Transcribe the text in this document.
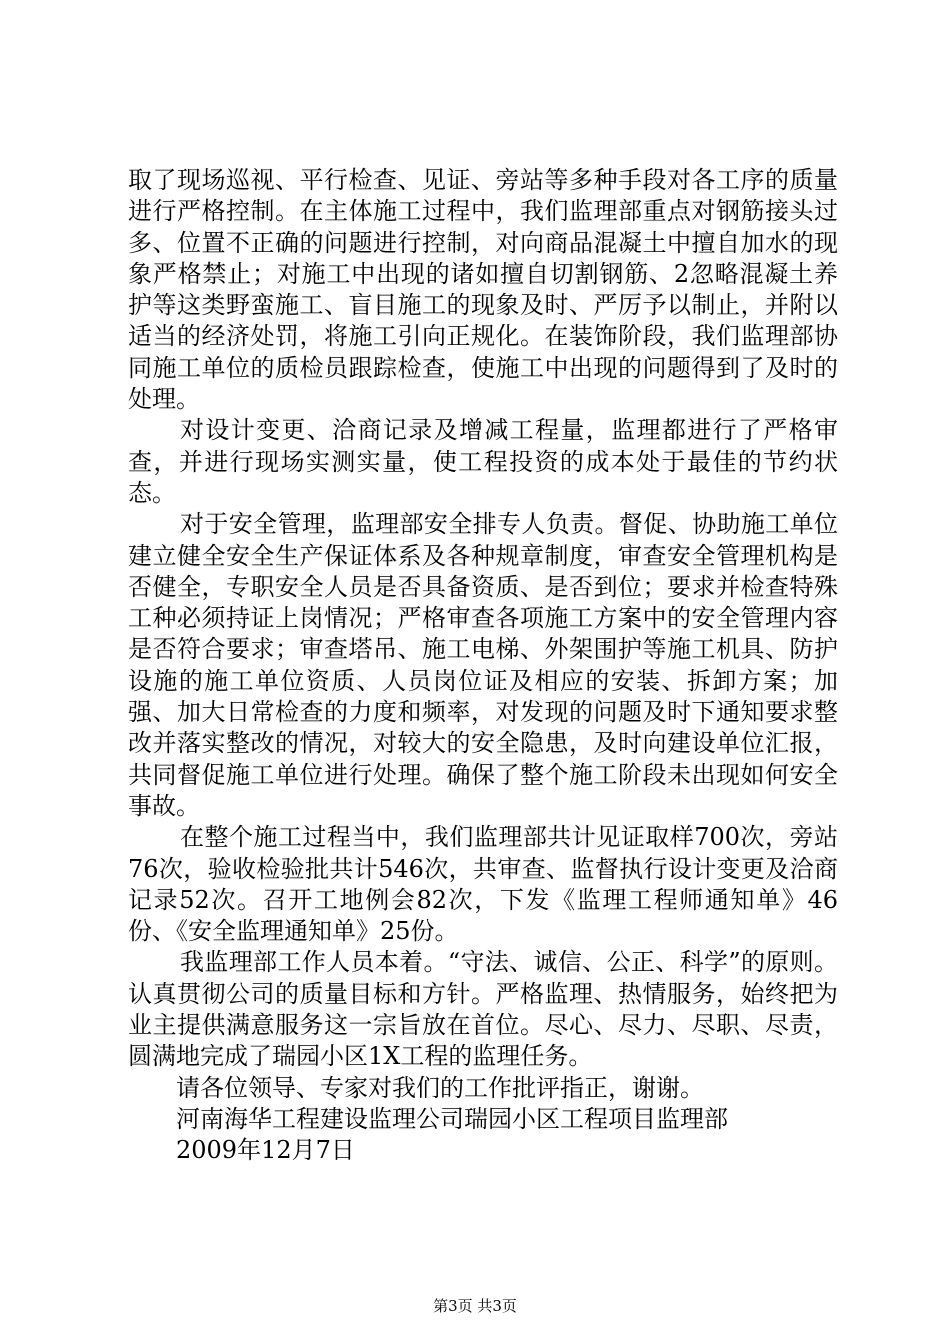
取了现场巡视、平行检查、见证、旁站等多种手段对各工序的质量进行严格控制。在主体施工过程中，我们监理部重点对钢筋接头过多、位置不正确的问题进行控制，对向商品混凝土中擅自加水的现象严格禁止；对施工中出现的诸如擅自切割钢筋、2忽略混凝土养护等这类野蛮施工、盲目施工的现象及时、严厉予以制止，并附以适当的经济处罚，将施工引向正规化。在装饰阶段，我们监理部协同施工单位的质检员跟踪检查，使施工中出现的问题得到了及时的处理。

对设计变更、洽商记录及增减工程量，监理都进行了严格审查，并进行现场实测实量，使工程投资的成本处于最佳的节约状态。

对于安全管理，监理部安全排专人负责。督促、协助施工单位建立健全安全生产保证体系及各种规章制度，审查安全管理机构是否健全，专职安全人员是否具备资质、是否到位；要求并检查特殊工种必须持证上岗情况；严格审查各项施工方案中的安全管理内容是否符合要求；审查塔吊、施工电梯、外架围护等施工机具、防护设施的施工单位资质、人员岗位证及相应的安装、拆卸方案；加强、加大日常检查的力度和频率，对发现的问题及时下通知要求整改并落实整改的情况，对较大的安全隐患，及时向建设单位汇报，共同督促施工单位进行处理。确保了整个施工阶段未出现如何安全事故。

在整个施工过程当中，我们监理部共计见证取样700次，旁站76次，验收检验批共计546次，共审查、监督执行设计变更及洽商记录52次。召开工地例会82次，下发《监理工程师通知单》46份、《安全监理通知单》25份。

我监理部工作人员本着。“守法、诚信、公正、科学”的原则。认真贯彻公司的质量目标和方针。严格监理、热情服务，始终把为业主提供满意服务这一宗旨放在首位。尽心、尽力、尽职、尽责，圆满地完成了瑞园小区1X工程的监理任务。

请各位领导、专家对我们的工作批评指正，谢谢。

河南海华工程建设监理公司瑞园小区工程项目监理部

2009年12月7日

第3页 共3页
